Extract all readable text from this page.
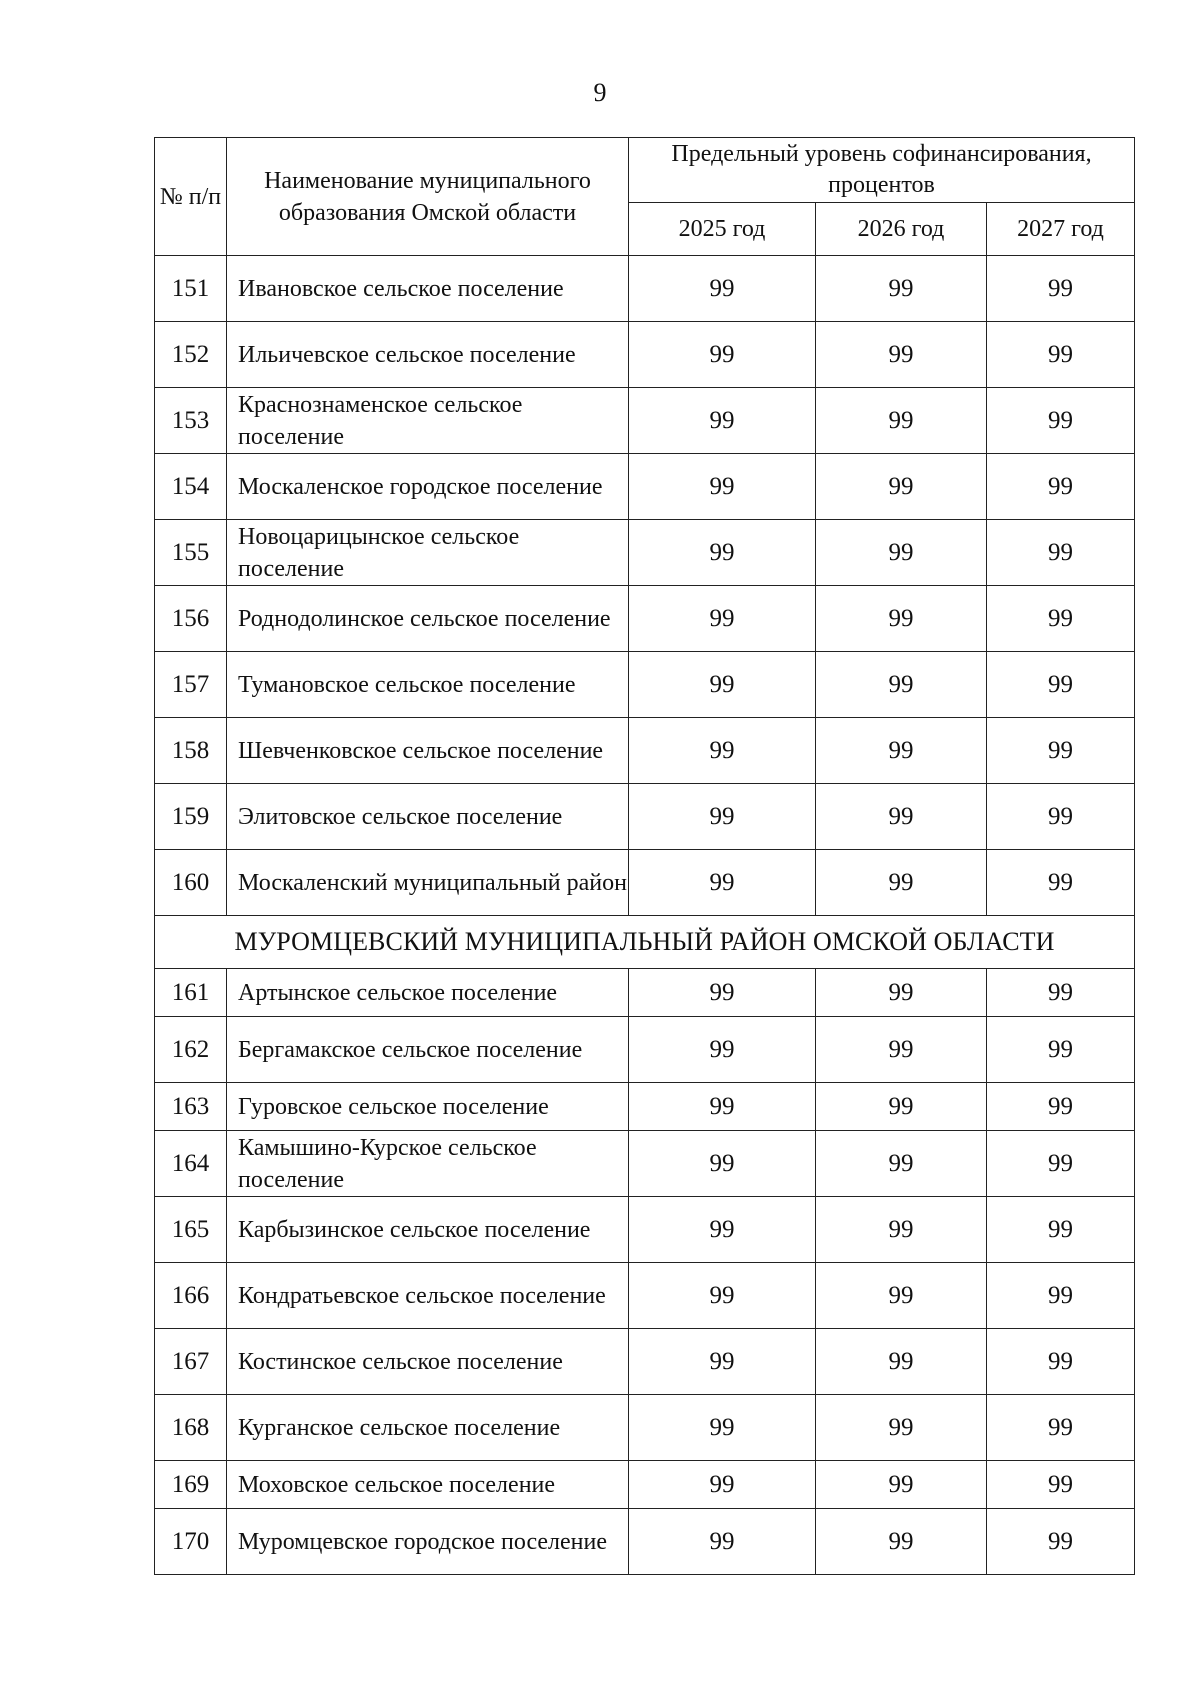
9
№ п/п	Наименование муниципального образования Омской области	Предельный уровень софинансирования, процентов		
		2025 год	2026 год	2027 год
151	Ивановское сельское поселение	99	99	99
152	Ильичевское сельское поселение	99	99	99
153	Краснознаменское сельское поселение	99	99	99
154	Москаленское городское поселение	99	99	99
155	Новоцарицынское сельское поселение	99	99	99
156	Роднодолинское сельское поселение	99	99	99
157	Тумановское сельское поселение	99	99	99
158	Шевченковское сельское поселение	99	99	99
159	Элитовское сельское поселение	99	99	99
160	Москаленский муниципальный район	99	99	99
МУРОМЦЕВСКИЙ МУНИЦИПАЛЬНЫЙ РАЙОН ОМСКОЙ ОБЛАСТИ				
161	Артынское сельское поселение	99	99	99
162	Бергамакское сельское поселение	99	99	99
163	Гуровское сельское поселение	99	99	99
164	Камышино-Курское сельское поселение	99	99	99
165	Карбызинское сельское поселение	99	99	99
166	Кондратьевское сельское поселение	99	99	99
167	Костинское сельское поселение	99	99	99
168	Курганское сельское поселение	99	99	99
169	Моховское сельское поселение	99	99	99
170	Муромцевское городское поселение	99	99	99
